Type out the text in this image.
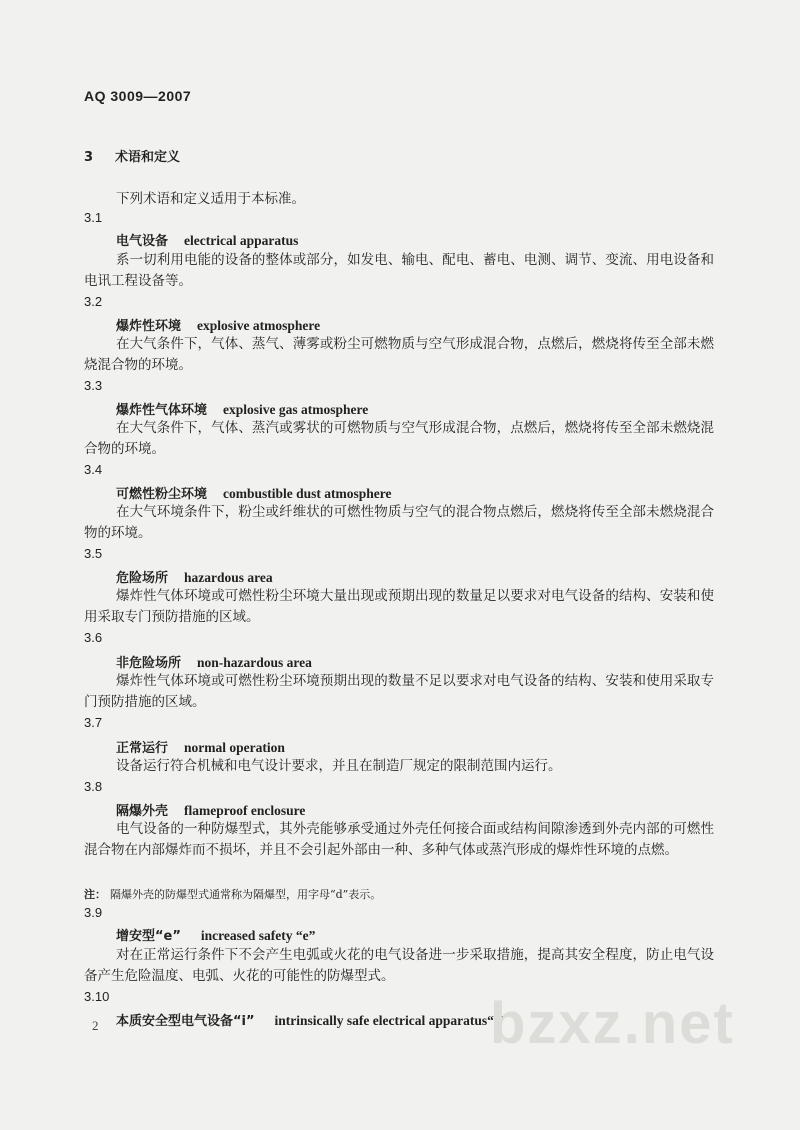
AQ 3009—2007
3 术语和定义
下列术语和定义适用于本标准。
3.1
电气设备 electrical apparatus
系一切利用电能的设备的整体或部分，如发电、输电、配电、蓄电、电测、调节、变流、用电设备和电讯工程设备等。
3.2
爆炸性环境 explosive atmosphere
在大气条件下，气体、蒸气、薄雾或粉尘可燃物质与空气形成混合物，点燃后，燃烧将传至全部未燃烧混合物的环境。
3.3
爆炸性气体环境 explosive gas atmosphere
在大气条件下，气体、蒸汽或雾状的可燃物质与空气形成混合物，点燃后，燃烧将传至全部未燃烧混合物的环境。
3.4
可燃性粉尘环境 combustible dust atmosphere
在大气环境条件下，粉尘或纤维状的可燃性物质与空气的混合物点燃后，燃烧将传至全部未燃烧混合物的环境。
3.5
危险场所 hazardous area
爆炸性气体环境或可燃性粉尘环境大量出现或预期出现的数量足以要求对电气设备的结构、安装和使用采取专门预防措施的区域。
3.6
非危险场所 non-hazardous area
爆炸性气体环境或可燃性粉尘环境预期出现的数量不足以要求对电气设备的结构、安装和使用采取专门预防措施的区域。
3.7
正常运行 normal operation
设备运行符合机械和电气设计要求，并且在制造厂规定的限制范围内运行。
3.8
隔爆外壳 flameproof enclosure
电气设备的一种防爆型式，其外壳能够承受通过外壳任何接合面或结构间隙渗透到外壳内部的可燃性混合物在内部爆炸而不损坏，并且不会引起外部由一种、多种气体或蒸汽形成的爆炸性环境的点燃。
注： 隔爆外壳的防爆型式通常称为隔爆型，用字母“d”表示。
3.9
增安型“e” increased safety “e”
对在正常运行条件下不会产生电弧或火花的电气设备进一步采取措施，提高其安全程度，防止电气设备产生危险温度、电弧、火花的可能性的防爆型式。
3.10
本质安全型电气设备“i” intrinsically safe electrical apparatus“i”
bzxz.net
2
